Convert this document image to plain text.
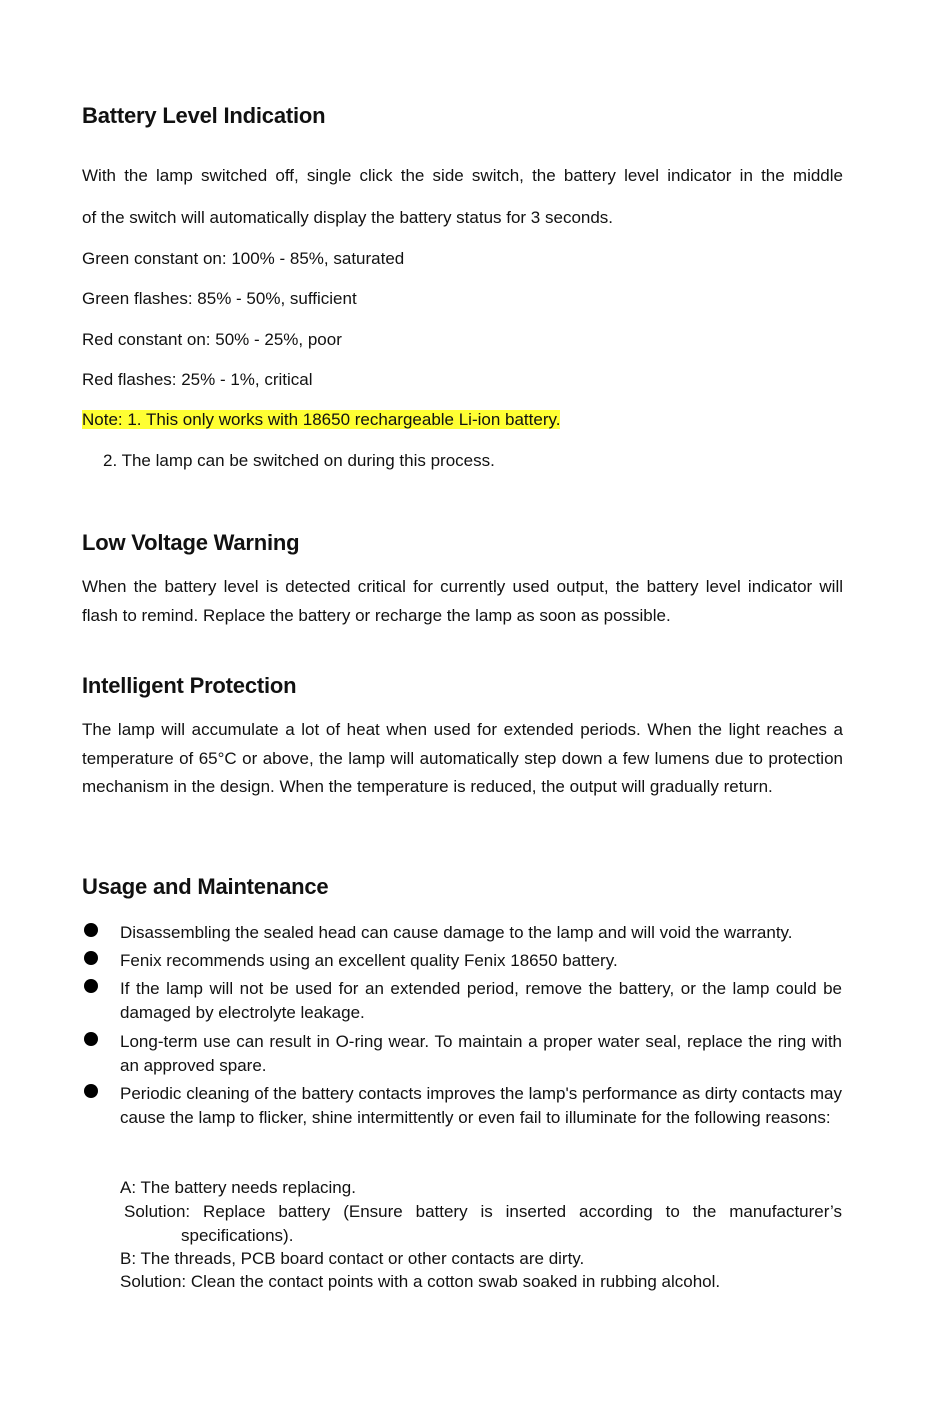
Battery Level Indication

With the lamp switched off, single click the side switch, the battery level indicator in the middle

of the switch will automatically display the battery status for 3 seconds.

Green constant on: 100% - 85%, saturated

Green flashes: 85% - 50%, sufficient

Red constant on: 50% - 25%, poor

Red flashes: 25% - 1%, critical

Note: 1. This only works with 18650 rechargeable Li-ion battery.

2. The lamp can be switched on during this process.

Low Voltage Warning

When the battery level is detected critical for currently used output, the battery level indicator will flash to remind. Replace the battery or recharge the lamp as soon as possible.

Intelligent Protection

The lamp will accumulate a lot of heat when used for extended periods. When the light reaches a temperature of 65°C or above, the lamp will automatically step down a few lumens due to protection mechanism in the design. When the temperature is reduced, the output will gradually return.

Usage and Maintenance

Disassembling the sealed head can cause damage to the lamp and will void the warranty.

Fenix recommends using an excellent quality Fenix 18650 battery.

If the lamp will not be used for an extended period, remove the battery, or the lamp could be damaged by electrolyte leakage.

Long-term use can result in O-ring wear. To maintain a proper water seal, replace the ring with an approved spare.

Periodic cleaning of the battery contacts improves the lamp's performance as dirty contacts may cause the lamp to flicker, shine intermittently or even fail to illuminate for the following reasons:

A: The battery needs replacing.

Solution: Replace battery (Ensure battery is inserted according to the manufacturer’s

specifications).

B: The threads, PCB board contact or other contacts are dirty.

Solution: Clean the contact points with a cotton swab soaked in rubbing alcohol.
